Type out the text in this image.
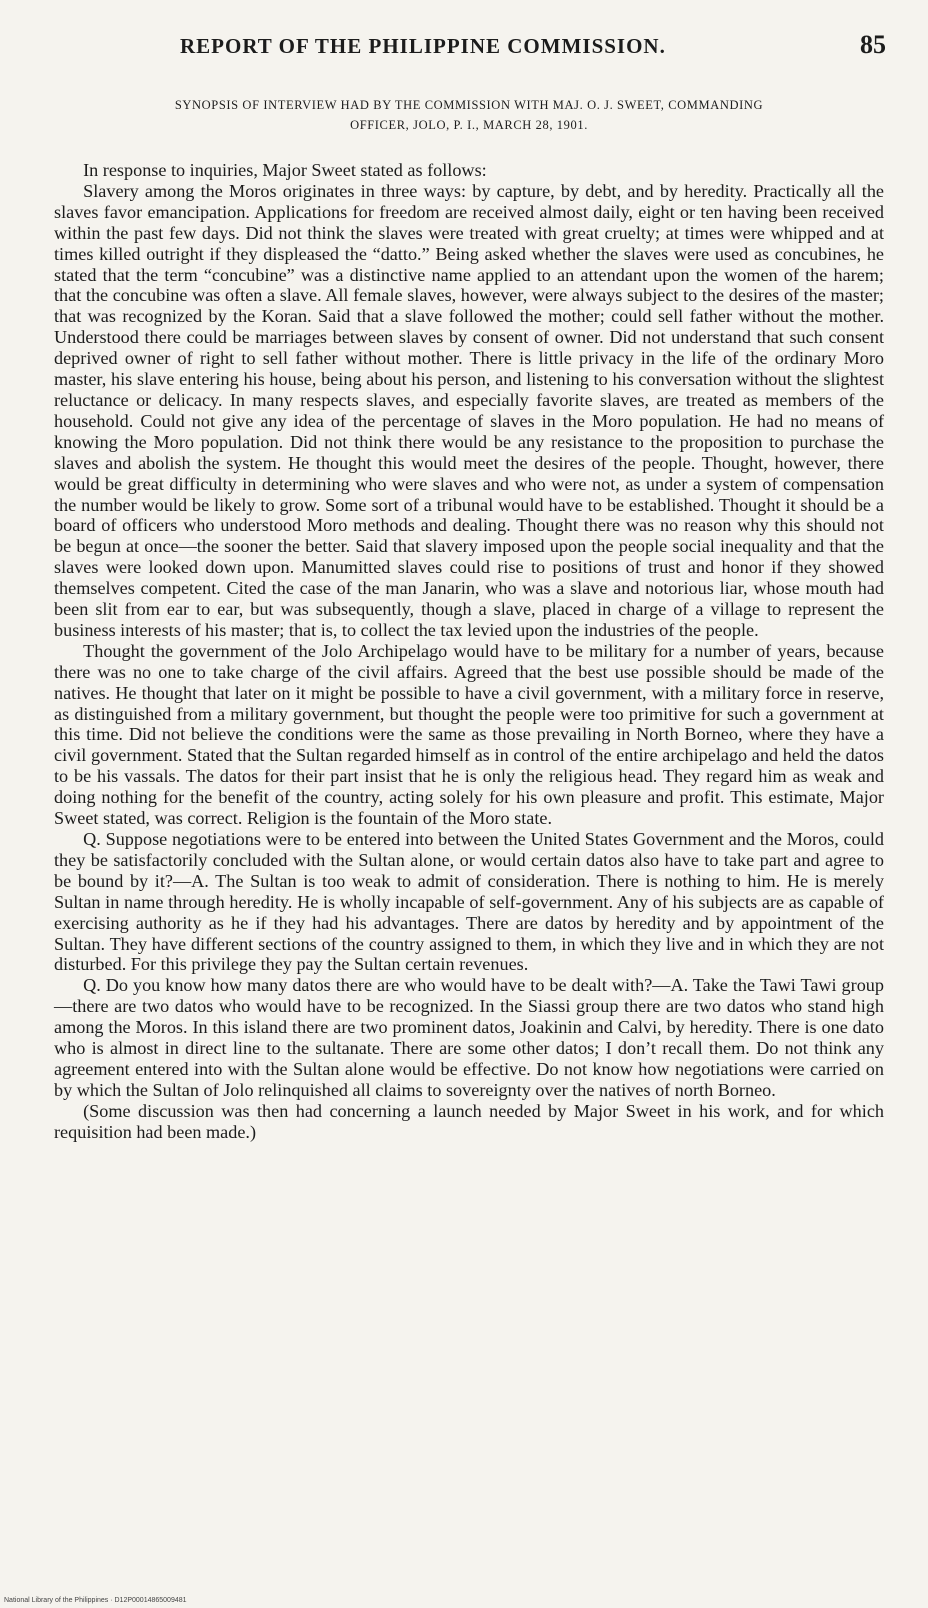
REPORT OF THE PHILIPPINE COMMISSION.	85
SYNOPSIS OF INTERVIEW HAD BY THE COMMISSION WITH MAJ. O. J. SWEET, COMMANDING
OFFICER, JOLO, P. I., MARCH 28, 1901.

In response to inquiries, Major Sweet stated as follows:

Slavery among the Moros originates in three ways: by capture, by debt, and by heredity. Practically all the slaves favor emancipation. Applications for freedom are received almost daily, eight or ten having been received within the past few days. Did not think the slaves were treated with great cruelty; at times were whipped and at times killed outright if they displeased the “datto.” Being asked whether the slaves were used as concubines, he stated that the term “concubine” was a distinctive name applied to an attendant upon the women of the harem; that the concubine was often a slave. All female slaves, however, were always subject to the desires of the master; that was recognized by the Koran. Said that a slave followed the mother; could sell father without the mother. Understood there could be marriages between slaves by consent of owner. Did not understand that such consent deprived owner of right to sell father without mother. There is little privacy in the life of the ordinary Moro master, his slave entering his house, being about his person, and listening to his conversation without the slightest reluctance or delicacy. In many respects slaves, and especially favorite slaves, are treated as members of the household. Could not give any idea of the percentage of slaves in the Moro population. He had no means of knowing the Moro population. Did not think there would be any resistance to the proposition to purchase the slaves and abolish the system. He thought this would meet the desires of the people. Thought, however, there would be great difficulty in determining who were slaves and who were not, as under a system of compensation the number would be likely to grow. Some sort of a tribunal would have to be established. Thought it should be a board of officers who understood Moro methods and dealing. Thought there was no reason why this should not be begun at once—the sooner the better. Said that slavery imposed upon the people social inequality and that the slaves were looked down upon. Manumitted slaves could rise to positions of trust and honor if they showed themselves competent. Cited the case of the man Janarin, who was a slave and notorious liar, whose mouth had been slit from ear to ear, but was subsequently, though a slave, placed in charge of a village to represent the business interests of his master; that is, to collect the tax levied upon the industries of the people.

Thought the government of the Jolo Archipelago would have to be military for a number of years, because there was no one to take charge of the civil affairs. Agreed that the best use possible should be made of the natives. He thought that later on it might be possible to have a civil government, with a military force in reserve, as distinguished from a military government, but thought the people were too primitive for such a government at this time. Did not believe the conditions were the same as those prevailing in North Borneo, where they have a civil government. Stated that the Sultan regarded himself as in control of the entire archipelago and held the datos to be his vassals. The datos for their part insist that he is only the religious head. They regard him as weak and doing nothing for the benefit of the country, acting solely for his own pleasure and profit. This estimate, Major Sweet stated, was correct. Religion is the fountain of the Moro state.

Q. Suppose negotiations were to be entered into between the United States Government and the Moros, could they be satisfactorily concluded with the Sultan alone, or would certain datos also have to take part and agree to be bound by it?—A. The Sultan is too weak to admit of consideration. There is nothing to him. He is merely Sultan in name through heredity. He is wholly incapable of self-government. Any of his subjects are as capable of exercising authority as he if they had his advantages. There are datos by heredity and by appointment of the Sultan. They have different sections of the country assigned to them, in which they live and in which they are not disturbed. For this privilege they pay the Sultan certain revenues.

Q. Do you know how many datos there are who would have to be dealt with?—A. Take the Tawi Tawi group—there are two datos who would have to be recognized. In the Siassi group there are two datos who stand high among the Moros. In this island there are two prominent datos, Joakinin and Calvi, by heredity. There is one dato who is almost in direct line to the sultanate. There are some other datos; I don’t recall them. Do not think any agreement entered into with the Sultan alone would be effective. Do not know how negotiations were carried on by which the Sultan of Jolo relinquished all claims to sovereignty over the natives of north Borneo.

(Some discussion was then had concerning a launch needed by Major Sweet in his work, and for which requisition had been made.)

National Library of the Philippines · D12P00014865009481
